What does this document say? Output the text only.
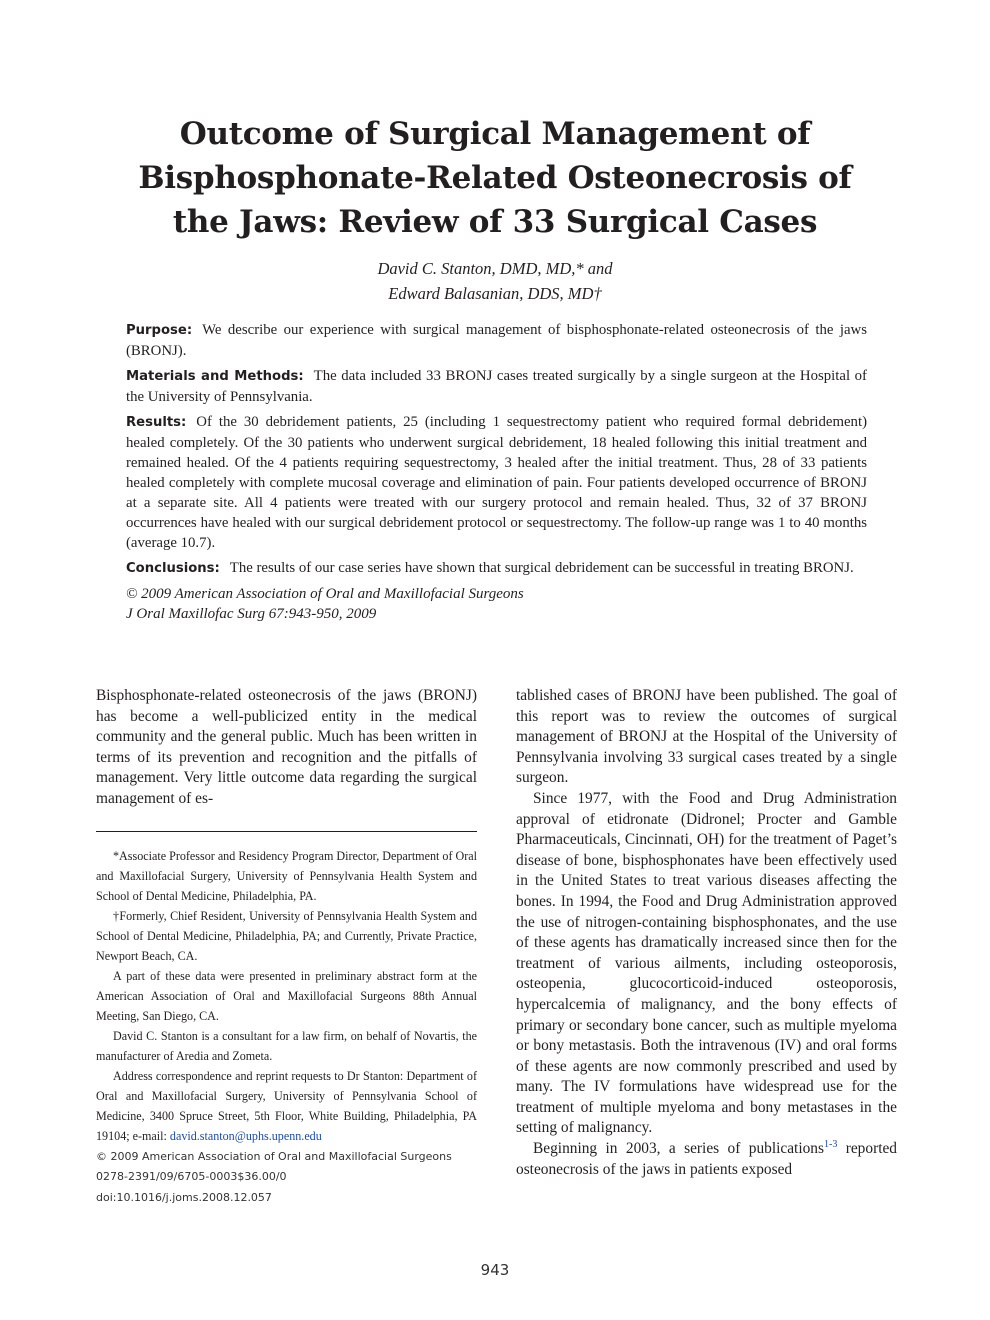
Outcome of Surgical Management of
Bisphosphonate-Related Osteonecrosis of
the Jaws: Review of 33 Surgical Cases
David C. Stanton, DMD, MD,* and
Edward Balasanian, DDS, MD†

Purpose: We describe our experience with surgical management of bisphosphonate-related osteonecrosis of the jaws (BRONJ).

Materials and Methods: The data included 33 BRONJ cases treated surgically by a single surgeon at the Hospital of the University of Pennsylvania.

Results: Of the 30 debridement patients, 25 (including 1 sequestrectomy patient who required formal debridement) healed completely. Of the 30 patients who underwent surgical debridement, 18 healed following this initial treatment and remained healed. Of the 4 patients requiring sequestrectomy, 3 healed after the initial treatment. Thus, 28 of 33 patients healed completely with complete mucosal coverage and elimination of pain. Four patients developed occurrence of BRONJ at a separate site. All 4 patients were treated with our surgery protocol and remain healed. Thus, 32 of 37 BRONJ occurrences have healed with our surgical debridement protocol or sequestrectomy. The follow-up range was 1 to 40 months (average 10.7).

Conclusions: The results of our case series have shown that surgical debridement can be successful in treating BRONJ.

© 2009 American Association of Oral and Maxillofacial Surgeons

J Oral Maxillofac Surg 67:943-950, 2009

Bisphosphonate-related osteonecrosis of the jaws (BRONJ) has become a well-publicized entity in the medical community and the general public. Much has been written in terms of its prevention and recognition and the pitfalls of management. Very little outcome data regarding the surgical management of es-

*Associate Professor and Residency Program Director, Department of Oral and Maxillofacial Surgery, University of Pennsylvania Health System and School of Dental Medicine, Philadelphia, PA.

†Formerly, Chief Resident, University of Pennsylvania Health System and School of Dental Medicine, Philadelphia, PA; and Currently, Private Practice, Newport Beach, CA.

A part of these data were presented in preliminary abstract form at the American Association of Oral and Maxillofacial Surgeons 88th Annual Meeting, San Diego, CA.

David C. Stanton is a consultant for a law firm, on behalf of Novartis, the manufacturer of Aredia and Zometa.

Address correspondence and reprint requests to Dr Stanton: Department of Oral and Maxillofacial Surgery, University of Pennsylvania School of Medicine, 3400 Spruce Street, 5th Floor, White Building, Philadelphia, PA 19104; e-mail: david.stanton@uphs.upenn.edu

© 2009 American Association of Oral and Maxillofacial Surgeons

0278-2391/09/6705-0003$36.00/0

doi:10.1016/j.joms.2008.12.057

tablished cases of BRONJ have been published. The goal of this report was to review the outcomes of surgical management of BRONJ at the Hospital of the University of Pennsylvania involving 33 surgical cases treated by a single surgeon.

Since 1977, with the Food and Drug Administration approval of etidronate (Didronel; Procter and Gamble Pharmaceuticals, Cincinnati, OH) for the treatment of Paget’s disease of bone, bisphosphonates have been effectively used in the United States to treat various diseases affecting the bones. In 1994, the Food and Drug Administration approved the use of nitrogen-containing bisphosphonates, and the use of these agents has dramatically increased since then for the treatment of various ailments, including osteoporosis, osteopenia, glucocorticoid-induced osteoporosis, hypercalcemia of malignancy, and the bony effects of primary or secondary bone cancer, such as multiple myeloma or bony metastasis. Both the intravenous (IV) and oral forms of these agents are now commonly prescribed and used by many. The IV formulations have widespread use for the treatment of multiple myeloma and bony metastases in the setting of malignancy.

Beginning in 2003, a series of publications$^{1-3}$ reported osteonecrosis of the jaws in patients exposed

943
